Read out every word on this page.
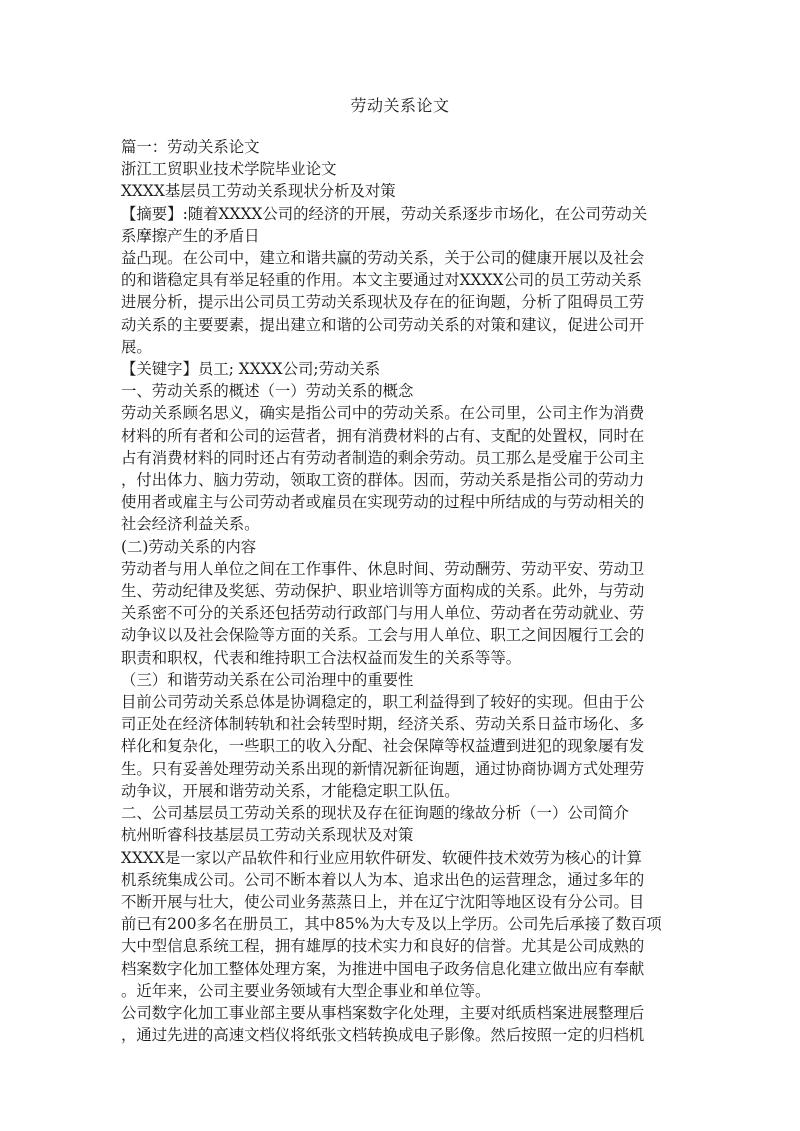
劳动关系论文

篇一：劳动关系论文

浙江工贸职业技术学院毕业论文

XXXX基层员工劳动关系现状分析及对策

【摘要】:随着XXXX公司的经济的开展，劳动关系逐步市场化，在公司劳动关

系摩擦产生的矛盾日

益凸现。在公司中，建立和谐共赢的劳动关系，关于公司的健康开展以及社会

的和谐稳定具有举足轻重的作用。本文主要通过对XXXX公司的员工劳动关系

进展分析，提示出公司员工劳动关系现状及存在的征询题，分析了阻碍员工劳

动关系的主要要素，提出建立和谐的公司劳动关系的对策和建议，促进公司开

展。

【关键字】员工; XXXX公司;劳动关系

一、劳动关系的概述（一）劳动关系的概念

劳动关系顾名思义，确实是指公司中的劳动关系。在公司里，公司主作为消费

材料的所有者和公司的运营者，拥有消费材料的占有、支配的处置权，同时在

占有消费材料的同时还占有劳动者制造的剩余劳动。员工那么是受雇于公司主

，付出体力、脑力劳动，领取工资的群体。因而，劳动关系是指公司的劳动力

使用者或雇主与公司劳动者或雇员在实现劳动的过程中所结成的与劳动相关的

社会经济利益关系。

(二)劳动关系的内容

劳动者与用人单位之间在工作事件、休息时间、劳动酬劳、劳动平安、劳动卫

生、劳动纪律及奖惩、劳动保护、职业培训等方面构成的关系。此外，与劳动

关系密不可分的关系还包括劳动行政部门与用人单位、劳动者在劳动就业、劳

动争议以及社会保险等方面的关系。工会与用人单位、职工之间因履行工会的

职责和职权，代表和维持职工合法权益而发生的关系等等。

（三）和谐劳动关系在公司治理中的重要性

目前公司劳动关系总体是协调稳定的，职工利益得到了较好的实现。但由于公

司正处在经济体制转轨和社会转型时期，经济关系、劳动关系日益市场化、多

样化和复杂化，一些职工的收入分配、社会保障等权益遭到进犯的现象屡有发

生。只有妥善处理劳动关系出现的新情况新征询题，通过协商协调方式处理劳

动争议，开展和谐劳动关系，才能稳定职工队伍。

二、公司基层员工劳动关系的现状及存在征询题的缘故分析（一）公司简介

杭州昕睿科技基层员工劳动关系现状及对策

XXXX是一家以产品软件和行业应用软件研发、软硬件技术效劳为核心的计算

机系统集成公司。公司不断本着以人为本、追求出色的运营理念，通过多年的

不断开展与壮大，使公司业务蒸蒸日上，并在辽宁沈阳等地区设有分公司。目

前已有200多名在册员工，其中85%为大专及以上学历。公司先后承接了数百项

大中型信息系统工程，拥有雄厚的技术实力和良好的信誉。尤其是公司成熟的

档案数字化加工整体处理方案，为推进中国电子政务信息化建立做出应有奉献

。近年来，公司主要业务领域有大型企事业和单位等。

公司数字化加工事业部主要从事档案数字化处理，主要对纸质档案进展整理后

，通过先进的高速文档仪将纸张文档转换成电子影像。然后按照一定的归档机
